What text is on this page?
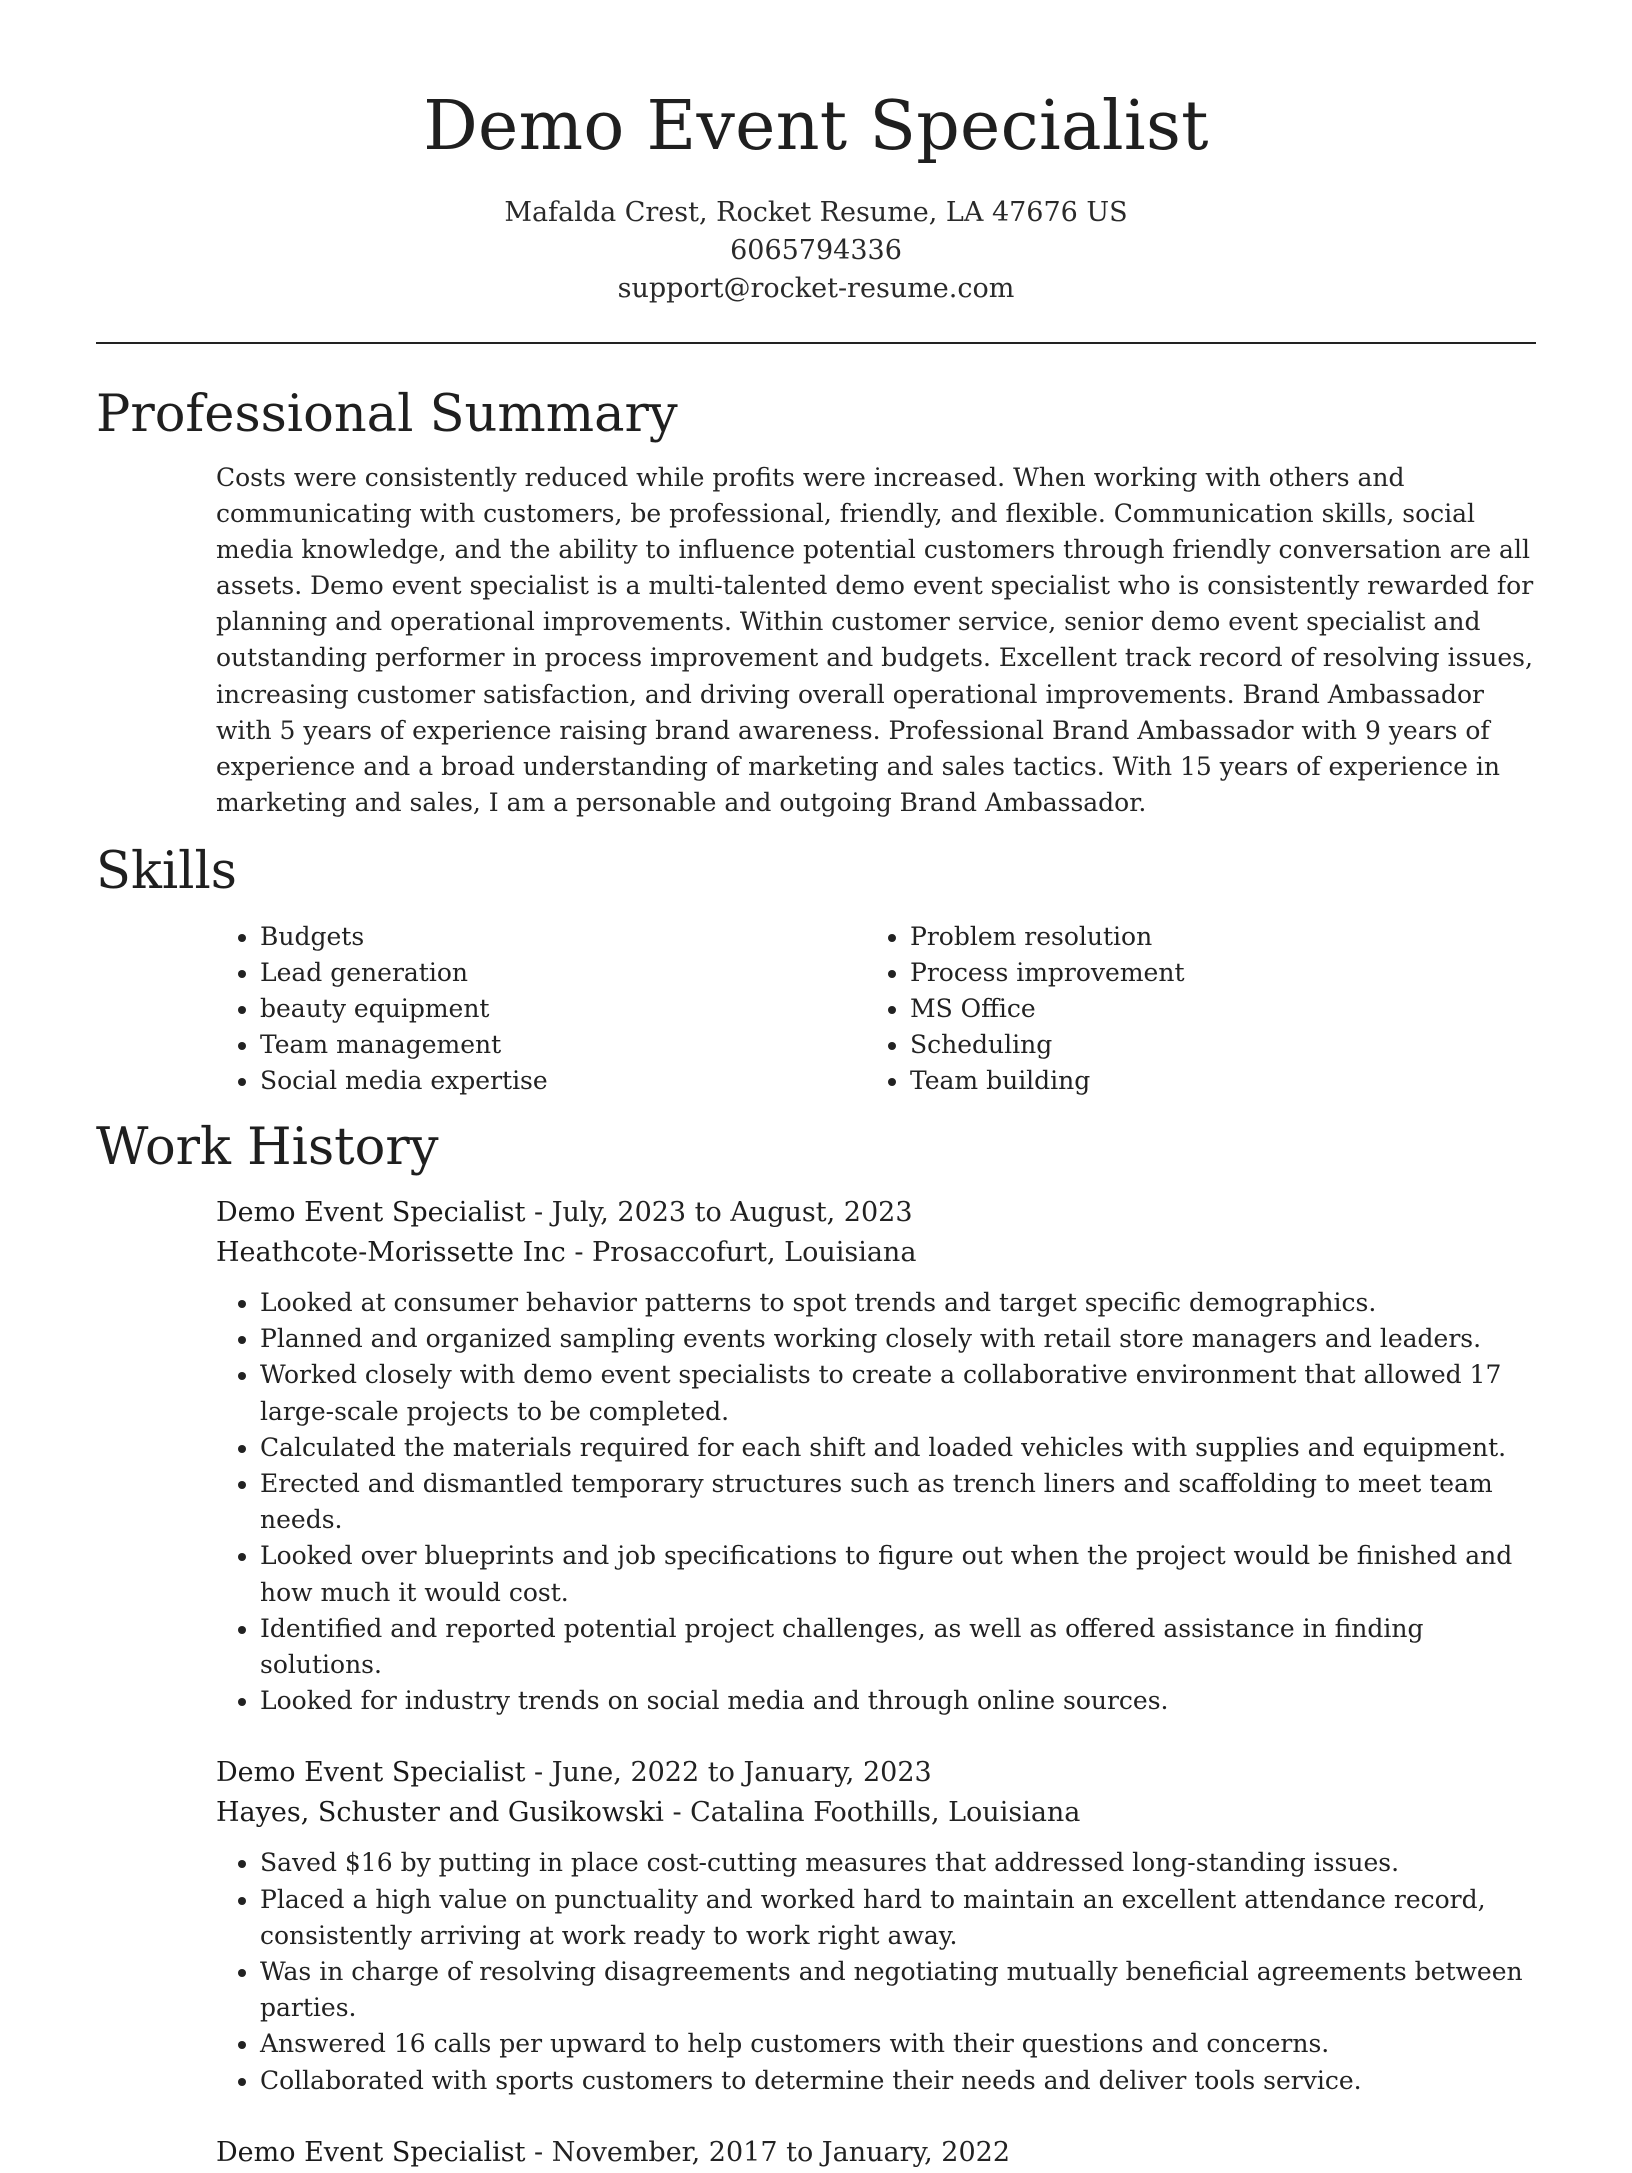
Demo Event Specialist
Mafalda Crest, Rocket Resume, LA 47676 US
6065794336
support@rocket-resume.com
Professional Summary
Costs were consistently reduced while profits were increased. When working with others and communicating with customers, be professional, friendly, and flexible. Communication skills, social media knowledge, and the ability to influence potential customers through friendly conversation are all assets. Demo event specialist is a multi-talented demo event specialist who is consistently rewarded for planning and operational improvements. Within customer service, senior demo event specialist and outstanding performer in process improvement and budgets. Excellent track record of resolving issues, increasing customer satisfaction, and driving overall operational improvements. Brand Ambassador with 5 years of experience raising brand awareness. Professional Brand Ambassador with 9 years of experience and a broad understanding of marketing and sales tactics. With 15 years of experience in marketing and sales, I am a personable and outgoing Brand Ambassador.
Skills
• Budgets
• Lead generation
• beauty equipment
• Team management
• Social media expertise
• Problem resolution
• Process improvement
• MS Office
• Scheduling
• Team building
Work History
Demo Event Specialist - July, 2023 to August, 2023
Heathcote-Morissette Inc - Prosaccofurt, Louisiana
• Looked at consumer behavior patterns to spot trends and target specific demographics.
• Planned and organized sampling events working closely with retail store managers and leaders.
• Worked closely with demo event specialists to create a collaborative environment that allowed 17 large-scale projects to be completed.
• Calculated the materials required for each shift and loaded vehicles with supplies and equipment.
• Erected and dismantled temporary structures such as trench liners and scaffolding to meet team needs.
• Looked over blueprints and job specifications to figure out when the project would be finished and how much it would cost.
• Identified and reported potential project challenges, as well as offered assistance in finding solutions.
• Looked for industry trends on social media and through online sources.
Demo Event Specialist - June, 2022 to January, 2023
Hayes, Schuster and Gusikowski - Catalina Foothills, Louisiana
• Saved $16 by putting in place cost-cutting measures that addressed long-standing issues.
• Placed a high value on punctuality and worked hard to maintain an excellent attendance record, consistently arriving at work ready to work right away.
• Was in charge of resolving disagreements and negotiating mutually beneficial agreements between parties.
• Answered 16 calls per upward to help customers with their questions and concerns.
• Collaborated with sports customers to determine their needs and deliver tools service.
Demo Event Specialist - November, 2017 to January, 2022
